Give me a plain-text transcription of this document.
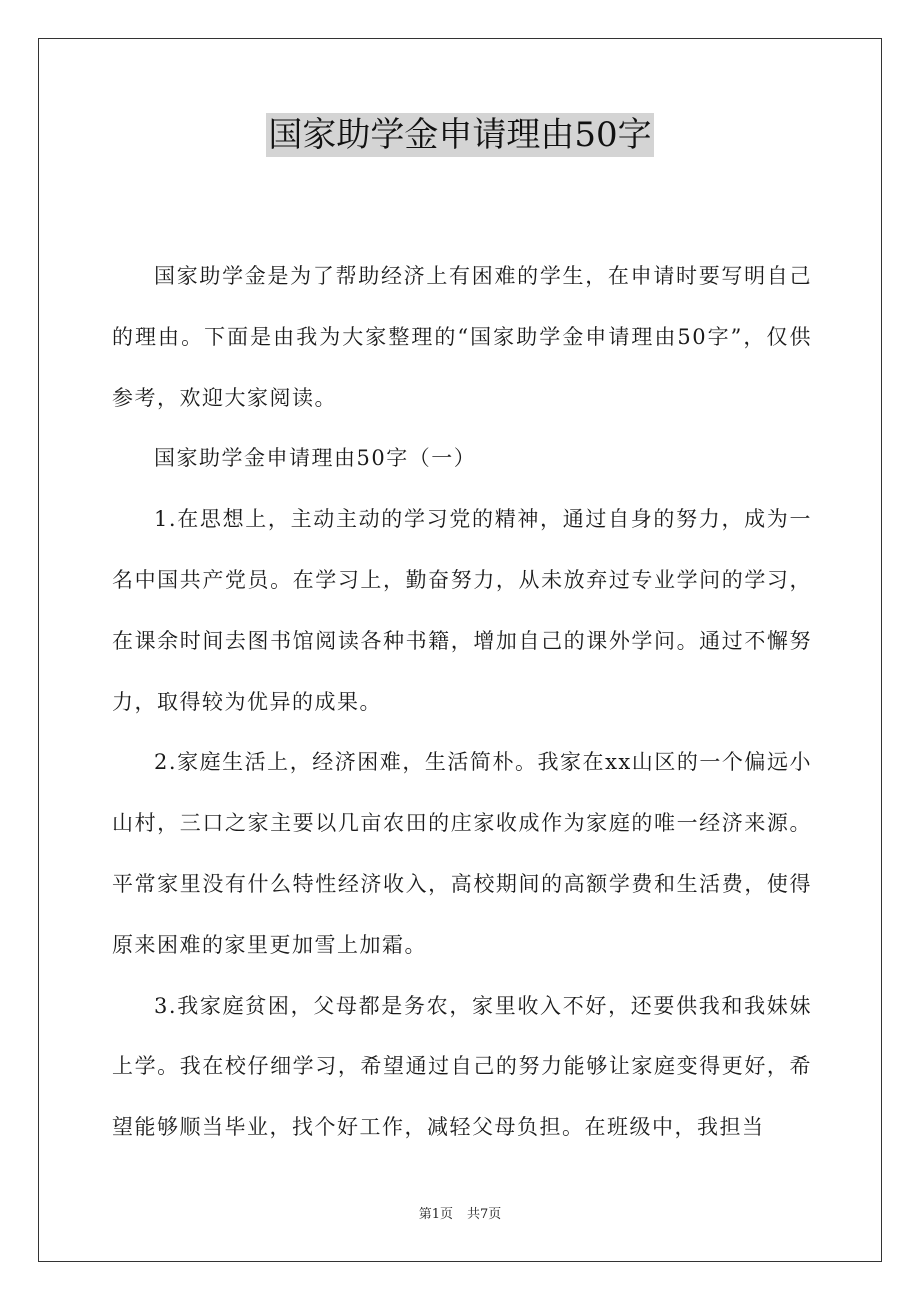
国家助学金申请理由50字

国家助学金是为了帮助经济上有困难的学生，在申请时要写明自己的理由。下面是由我为大家整理的“国家助学金申请理由50字”，仅供参考，欢迎大家阅读。

国家助学金申请理由50字（一）

1.在思想上，主动主动的学习党的精神，通过自身的努力，成为一名中国共产党员。在学习上，勤奋努力，从未放弃过专业学问的学习，在课余时间去图书馆阅读各种书籍，增加自己的课外学问。通过不懈努力，取得较为优异的成果。

2.家庭生活上，经济困难，生活简朴。我家在xx山区的一个偏远小山村，三口之家主要以几亩农田的庄家收成作为家庭的唯一经济来源。平常家里没有什么特性经济收入，高校期间的高额学费和生活费，使得原来困难的家里更加雪上加霜。

3.我家庭贫困，父母都是务农，家里收入不好，还要供我和我妹妹上学。我在校仔细学习，希望通过自己的努力能够让家庭变得更好，希望能够顺当毕业，找个好工作，减轻父母负担。在班级中，我担当

第1页 共7页
